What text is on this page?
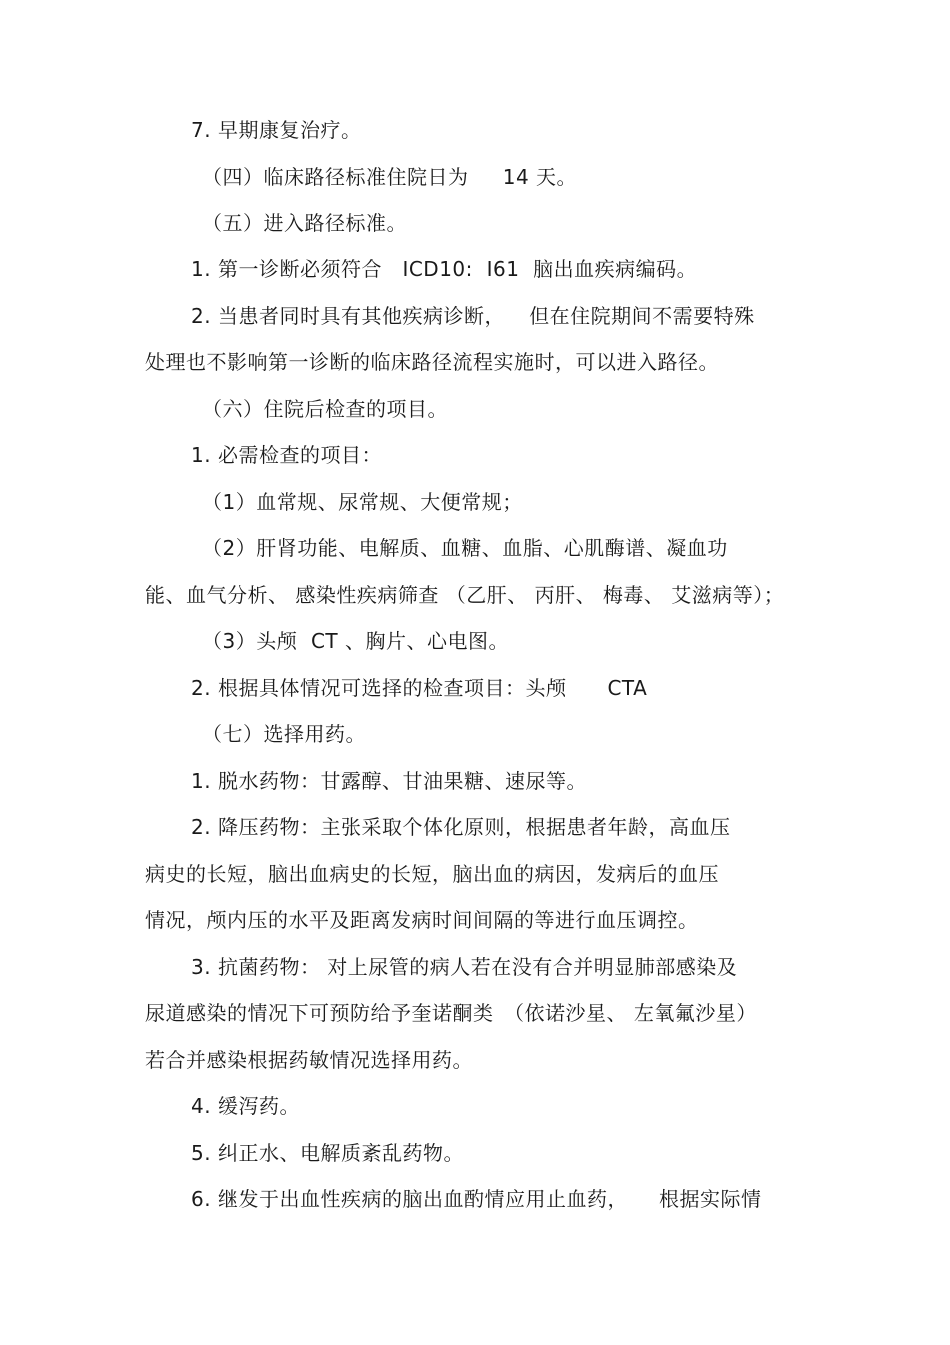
7. 早期康复治疗。
（四）临床路径标准住院日为　  14 天。
（五）进入路径标准。
1. 第一诊断必须符合　ICD10:  I61  脑出血疾病编码。
2. 当患者同时具有其他疾病诊断，　  但在住院期间不需要特殊
处理也不影响第一诊断的临床路径流程实施时，可以进入路径。
（六）住院后检查的项目。
1. 必需检查的项目：
（1）血常规、尿常规、大便常规；
（2）肝肾功能、电解质、血糖、血脂、心肌酶谱、凝血功
能、血气分析、 感染性疾病筛查 （乙肝、 丙肝、 梅毒、 艾滋病等）；
（3）头颅  CT 、胸片、心电图。
2. 根据具体情况可选择的检查项目：头颅　　CTA
（七）选择用药。
1. 脱水药物：甘露醇、甘油果糖、速尿等。
2. 降压药物：主张采取个体化原则，根据患者年龄，高血压
病史的长短，脑出血病史的长短，脑出血的病因，发病后的血压
情况，颅内压的水平及距离发病时间间隔的等进行血压调控。
3. 抗菌药物： 对上尿管的病人若在没有合并明显肺部感染及
尿道感染的情况下可预防给予奎诺酮类　（依诺沙星、 左氧氟沙星）
若合并感染根据药敏情况选择用药。
4. 缓泻药。
5. 纠正水、电解质紊乱药物。
6. 继发于出血性疾病的脑出血酌情应用止血药，　　根据实际情
